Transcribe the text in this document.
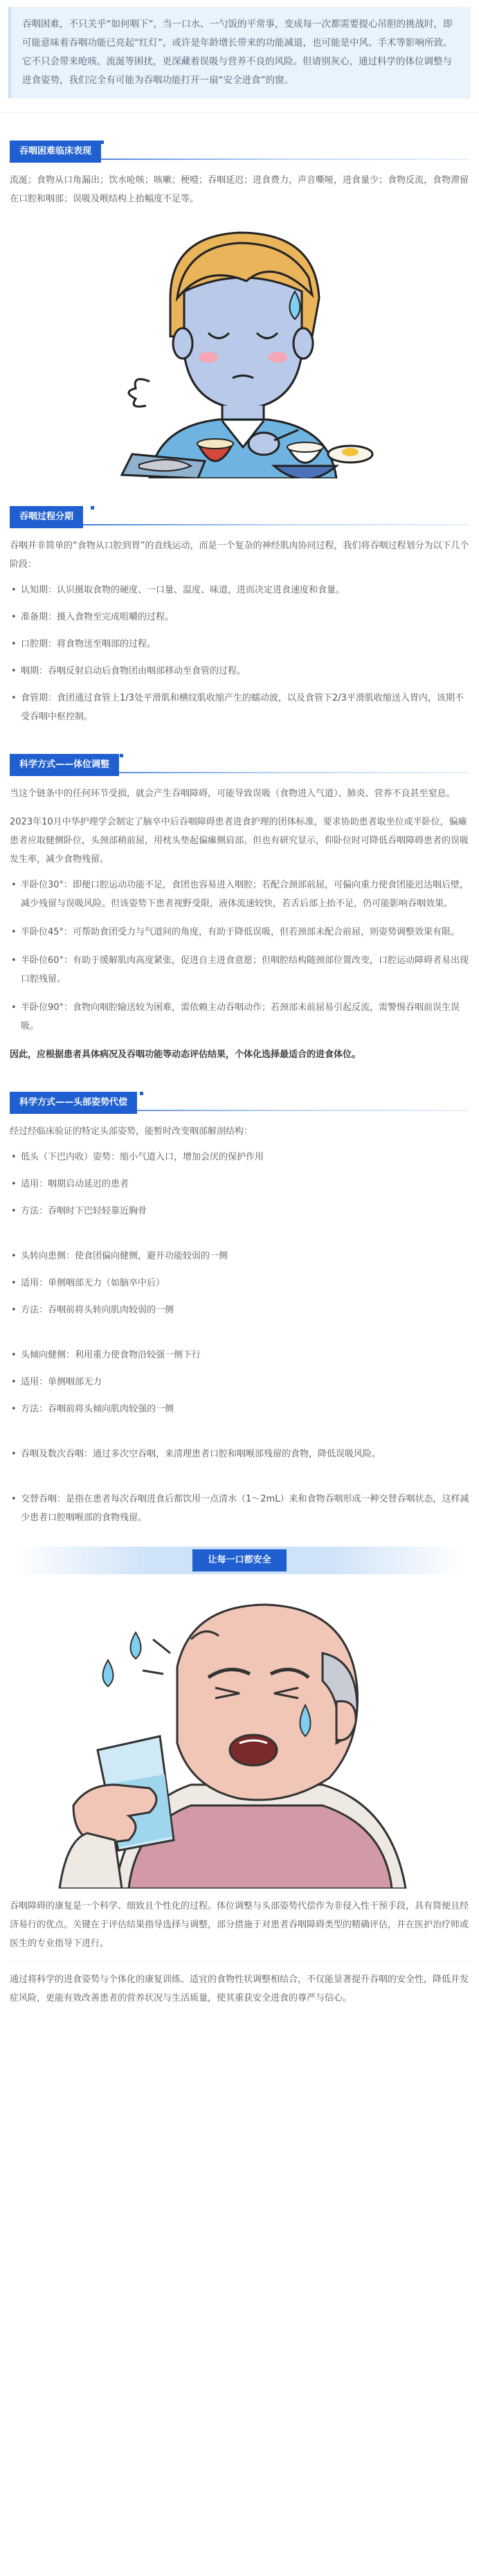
吞咽困难，不只关乎“如何咽下”，当一口水、一勺饭的平常事，变成每一次都需要提心吊胆的挑战时，即可能意味着吞咽功能已亮起“红灯”，或许是年龄增长带来的功能减退，也可能是中风、手术等影响所致。它不只会带来呛咳、流涎等困扰，更深藏着误吸与营养不良的风险。但请别灰心，通过科学的体位调整与进食姿势，我们完全有可能为吞咽功能打开一扇“安全进食”的窗。

吞咽困难临床表现

流涎；食物从口角漏出；饮水呛咳；咳嗽；梗噎；吞咽延迟；进食费力，声音嘶哑，进食量少；食物反流，食物滞留在口腔和咽部；误吸及喉结构上抬幅度不足等。

吞咽过程分期

吞咽并非简单的“食物从口腔到胃”的直线运动，而是一个复杂的神经肌肉协同过程，我们将吞咽过程划分为以下几个阶段：

• 认知期：认识摄取食物的硬度、一口量、温度、味道，进而决定进食速度和食量。
• 准备期：摄入食物至完成咀嚼的过程。
• 口腔期：将食物送至咽部的过程。
• 咽期：吞咽反射启动后食物团由咽部移动至食管的过程。
• 食管期：食团通过食管上1/3处平滑肌和横纹肌收缩产生的蠕动波，以及食管下2/3平滑肌收缩送入胃内，该期不受吞咽中枢控制。
科学方式——体位调整

当这个链条中的任何环节受损，就会产生吞咽障碍，可能导致误吸（食物进入气道）、肺炎、营养不良甚至窒息。

2023年10月中华护理学会制定了脑卒中后吞咽障碍患者进食护理的团体标准，要求协助患者取坐位或半卧位，偏瘫患者应取健侧卧位，头颈部稍前屈，用枕头垫起偏瘫侧肩部。但也有研究显示，仰卧位时可降低吞咽障碍患者的误吸发生率，减少食物残留。

• 半卧位30°：即便口腔运动功能不足，食团也容易进入咽腔；若配合颈部前屈，可偏向重力使食团能迟达咽后壁，减少残留与误吸风险。但该姿势下患者视野受限，液体流速较快，若舌后部上抬不足，仍可能影响吞咽效果。
• 半卧位45°：可帮助食团受力与气道间的角度，有助于降低误吸，但若颈部未配合前屈，则姿势调整效果有限。
• 半卧位60°：有助于缓解肌肉高度紧张，促进自主进食意愿；但咽腔结构随颈部位置改变，口腔运动障碍者易出现口腔残留。
• 半卧位90°：食物向咽腔输送较为困难，需依赖主动吞咽动作；若颈部未前屈易引起反流，需警惕吞咽前误生误吸。

因此，应根据患者具体病况及吞咽功能等动态评估结果，个体化选择最适合的进食体位。

科学方式——头部姿势代偿

经过经临床验证的特定头部姿势，能暂时改变咽部解剖结构：

• 低头（下巴内收）姿势：缩小气道入口，增加会厌的保护作用
• 适用：咽期启动延迟的患者
• 方法：吞咽时下巴轻轻靠近胸骨
• 头转向患侧：使食团偏向健侧，避开功能较弱的一侧
• 适用：单侧咽部无力（如脑卒中后）
• 方法：吞咽前将头转向肌肉较弱的一侧
• 头倾向健侧：利用重力使食物沿较强一侧下行
• 适用：单侧咽部无力
• 方法：吞咽前将头倾向肌肉较强的一侧
• 吞咽及数次吞咽：通过多次空吞咽，来清理患者口腔和咽喉部残留的食物，降低误吸风险。
• 交替吞咽：是指在患者每次吞咽进食后都饮用一点清水（1～2mL）来和食物吞咽形成一种交替吞咽状态，这样减少患者口腔咽喉部的食物残留。
让每一口都安全

吞咽障碍的康复是一个科学、细致且个性化的过程。体位调整与头部姿势代偿作为非侵入性干预手段，具有简便且经济易行的优点。关键在于评估结果指导选择与调整，部分措施于对患者吞咽障碍类型的精确评估，并在医护治疗师或医生的专业指导下进行。

通过将科学的进食姿势与个体化的康复训练、适宜的食物性状调整相结合，不仅能显著提升吞咽的安全性，降低并发症风险，更能有效改善患者的营养状况与生活质量，使其重获安全进食的尊严与信心。
